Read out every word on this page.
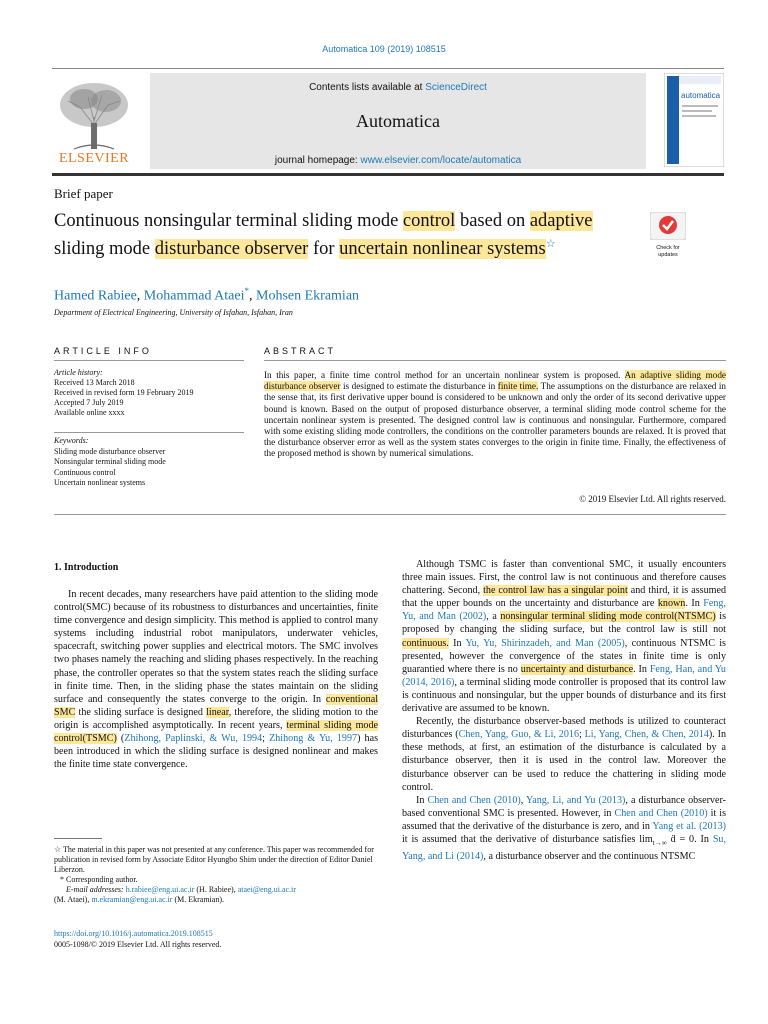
Automatica 109 (2019) 108515
ELSEVIER
Contents lists available at ScienceDirect
Automatica
journal homepage: www.elsevier.com/locate/automatica
automatica
Brief paper
Continuous nonsingular terminal sliding mode control based on adaptive sliding mode disturbance observer for uncertain nonlinear systems☆	Check for
updates
Hamed Rabiee, Mohammad Ataei*, Mohsen Ekramian
Department of Electrical Engineering, University of Isfahan, Isfahan, Iran
ARTICLE INFO	ABSTRACT
Article history:
Received 13 March 2018
Received in revised form 19 February 2019
Accepted 7 July 2019
Available online xxxx
Keywords:
Sliding mode disturbance observer
Nonsingular terminal sliding mode
Continuous control
Uncertain nonlinear systems
In this paper, a finite time control method for an uncertain nonlinear system is proposed. An adaptive sliding mode disturbance observer is designed to estimate the disturbance in finite time. The assumptions on the disturbance are relaxed in the sense that, its first derivative upper bound is considered to be unknown and only the order of its second derivative upper bound is known. Based on the output of proposed disturbance observer, a terminal sliding mode control scheme for the uncertain nonlinear system is presented. The designed control law is continuous and nonsingular. Furthermore, compared with some existing sliding mode controllers, the conditions on the controller parameters bounds are relaxed. It is proved that the disturbance observer error as well as the system states converges to the origin in finite time. Finally, the effectiveness of the proposed method is shown by numerical simulations.
© 2019 Elsevier Ltd. All rights reserved.
1. Introduction
In recent decades, many researchers have paid attention to the sliding mode control(SMC) because of its robustness to disturbances and uncertainties, finite time convergence and design simplicity. This method is applied to control many systems including industrial robot manipulators, underwater vehicles, spacecraft, switching power supplies and electrical motors. The SMC involves two phases namely the reaching and sliding phases respectively. In the reaching phase, the controller operates so that the system states reach the sliding surface in finite time. Then, in the sliding phase the states maintain on the sliding surface and consequently the states converge to the origin. In conventional SMC the sliding surface is designed linear, therefore, the sliding motion to the origin is accomplished asymptotically. In recent years, terminal sliding mode control(TSMC) (Zhihong, Paplinski, & Wu, 1994; Zhihong & Yu, 1997) has been introduced in which the sliding surface is designed nonlinear and makes the finite time state convergence.

Although TSMC is faster than conventional SMC, it usually encounters three main issues. First, the control law is not continuous and therefore causes chattering. Second, the control law has a singular point and third, it is assumed that the upper bounds on the uncertainty and disturbance are known. In Feng, Yu, and Man (2002), a nonsingular terminal sliding mode control(NTSMC) is proposed by changing the sliding surface, but the control law is still not continuous. In Yu, Yu, Shirinzadeh, and Man (2005), continuous NTSMC is presented, however the convergence of the states in finite time is only guarantied where there is no uncertainty and disturbance. In Feng, Han, and Yu (2014, 2016), a terminal sliding mode controller is proposed that its control law is continuous and nonsingular, but the upper bounds of disturbance and its first derivative are assumed to be known.

Recently, the disturbance observer-based methods is utilized to counteract disturbances (Chen, Yang, Guo, & Li, 2016; Li, Yang, Chen, & Chen, 2014). In these methods, at first, an estimation of the disturbance is calculated by a disturbance observer, then it is used in the control law. Moreover the disturbance observer can be used to reduce the chattering in sliding mode control.

In Chen and Chen (2010), Yang, Li, and Yu (2013), a disturbance observer-based conventional SMC is presented. However, in Chen and Chen (2010) it is assumed that the derivative of the disturbance is zero, and in Yang et al. (2013) it is assumed that the derivative of disturbance satisfies $\lim_{t\to\infty}$ ḋ = 0. In Su, Yang, and Li (2014), a disturbance observer and the continuous NTSMC

☆ The material in this paper was not presented at any conference. This paper was recommended for publication in revised form by Associate Editor Hyungbo Shim under the direction of Editor Daniel Liberzon.

* Corresponding author.

E-mail addresses: h.rabiee@eng.ui.ac.ir (H. Rabiee), ataei@eng.ui.ac.ir

(M. Ataei), m.ekramian@eng.ui.ac.ir (M. Ekramian).

https://doi.org/10.1016/j.automatica.2019.108515
0005-1098/© 2019 Elsevier Ltd. All rights reserved.
